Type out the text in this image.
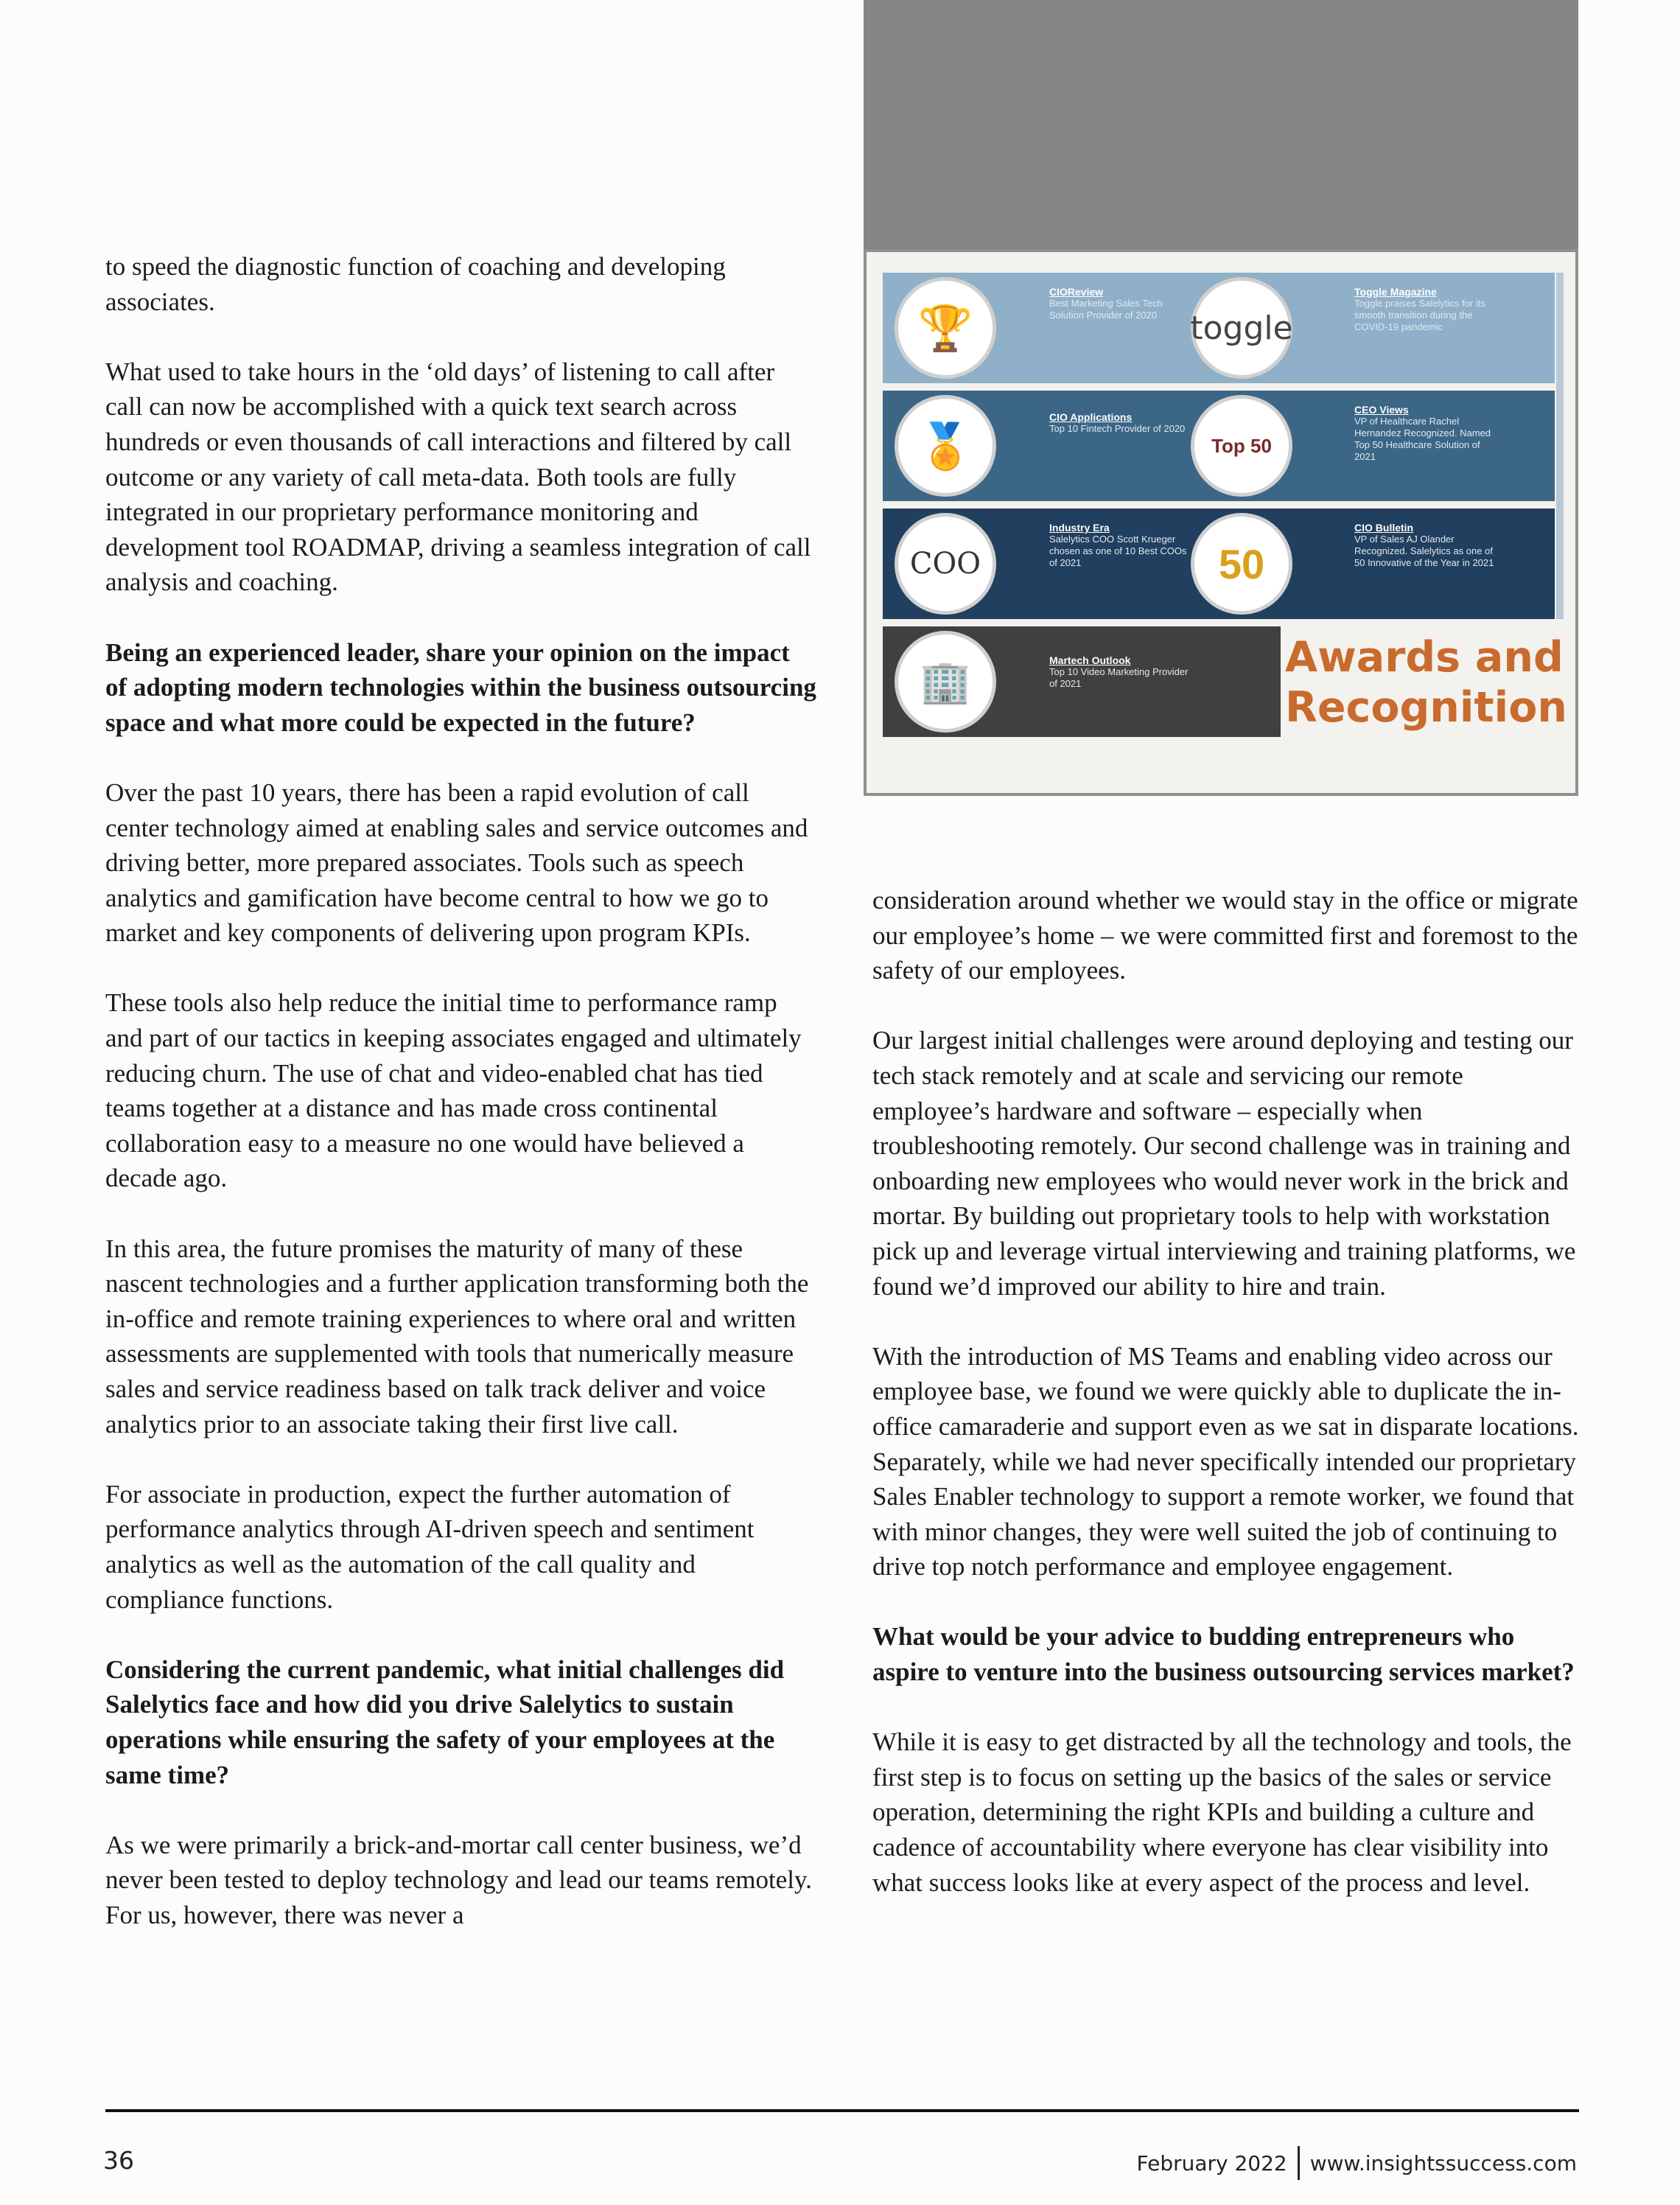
to speed the diagnostic function of coaching and developing associates.

What used to take hours in the ‘old days’ of listening to call after call can now be accomplished with a quick text search across hundreds or even thousands of call interactions and filtered by call outcome or any variety of call meta-data. Both tools are fully integrated in our proprietary performance monitoring and development tool ROADMAP, driving a seamless integration of call analysis and coaching.

Being an experienced leader, share your opinion on the impact of adopting modern technologies within the business outsourcing space and what more could be expected in the future?

Over the past 10 years, there has been a rapid evolution of call center technology aimed at enabling sales and service outcomes and driving better, more prepared associates. Tools such as speech analytics and gamification have become central to how we go to market and key components of delivering upon program KPIs.

These tools also help reduce the initial time to performance ramp and part of our tactics in keeping associates engaged and ultimately reducing churn. The use of chat and video-enabled chat has tied teams together at a distance and has made cross continental collaboration easy to a measure no one would have believed a decade ago.

In this area, the future promises the maturity of many of these nascent technologies and a further application transforming both the in-office and remote training experiences to where oral and written assessments are supplemented with tools that numerically measure sales and service readiness based on talk track deliver and voice analytics prior to an associate taking their first live call.

For associate in production, expect the further automation of performance analytics through AI-driven speech and sentiment analytics as well as the automation of the call quality and compliance functions.

Considering the current pandemic, what initial challenges did Salelytics face and how did you drive Salelytics to sustain operations while ensuring the safety of your employees at the same time?

As we were primarily a brick-and-mortar call center business, we’d never been tested to deploy technology and lead our teams remotely. For us, however, there was never a

🏆
CIOReview
Best Marketing Sales Tech Solution Provider of 2020	toggle
Toggle Magazine
Toggle praises Salelytics for its smooth transition during the COVID-19 pandemic
🏅
CIO Applications
Top 10 Fintech Provider of 2020
Top 50
CEO Views
VP of Healthcare Rachel Hernandez Recognized. Named Top 50 Healthcare Solution of 2021
COO
Industry Era
Salelytics COO Scott Krueger chosen as one of 10 Best COOs of 2021	50
CIO Bulletin
VP of Sales AJ Olander Recognized. Salelytics as one of 50 Innovative of the Year in 2021
🏢	Martech Outlook
Top 10 Video Marketing Provider of 2021
Awards and
Recognition

consideration around whether we would stay in the office or migrate our employee’s home – we were committed first and foremost to the safety of our employees.

Our largest initial challenges were around deploying and testing our tech stack remotely and at scale and servicing our remote employee’s hardware and software – especially when troubleshooting remotely. Our second challenge was in training and onboarding new employees who would never work in the brick and mortar. By building out proprietary tools to help with workstation pick up and leverage virtual interviewing and training platforms, we found we’d improved our ability to hire and train.

With the introduction of MS Teams and enabling video across our employee base, we found we were quickly able to duplicate the in-office camaraderie and support even as we sat in disparate locations. Separately, while we had never specifically intended our proprietary Sales Enabler technology to support a remote worker, we found that with minor changes, they were well suited the job of continuing to drive top notch performance and employee engagement.

What would be your advice to budding entrepreneurs who aspire to venture into the business outsourcing services market?

While it is easy to get distracted by all the technology and tools, the first step is to focus on setting up the basics of the sales or service operation, determining the right KPIs and building a culture and cadence of accountability where everyone has clear visibility into what success looks like at every aspect of the process and level.

36	February 2022 www.insightssuccess.com
